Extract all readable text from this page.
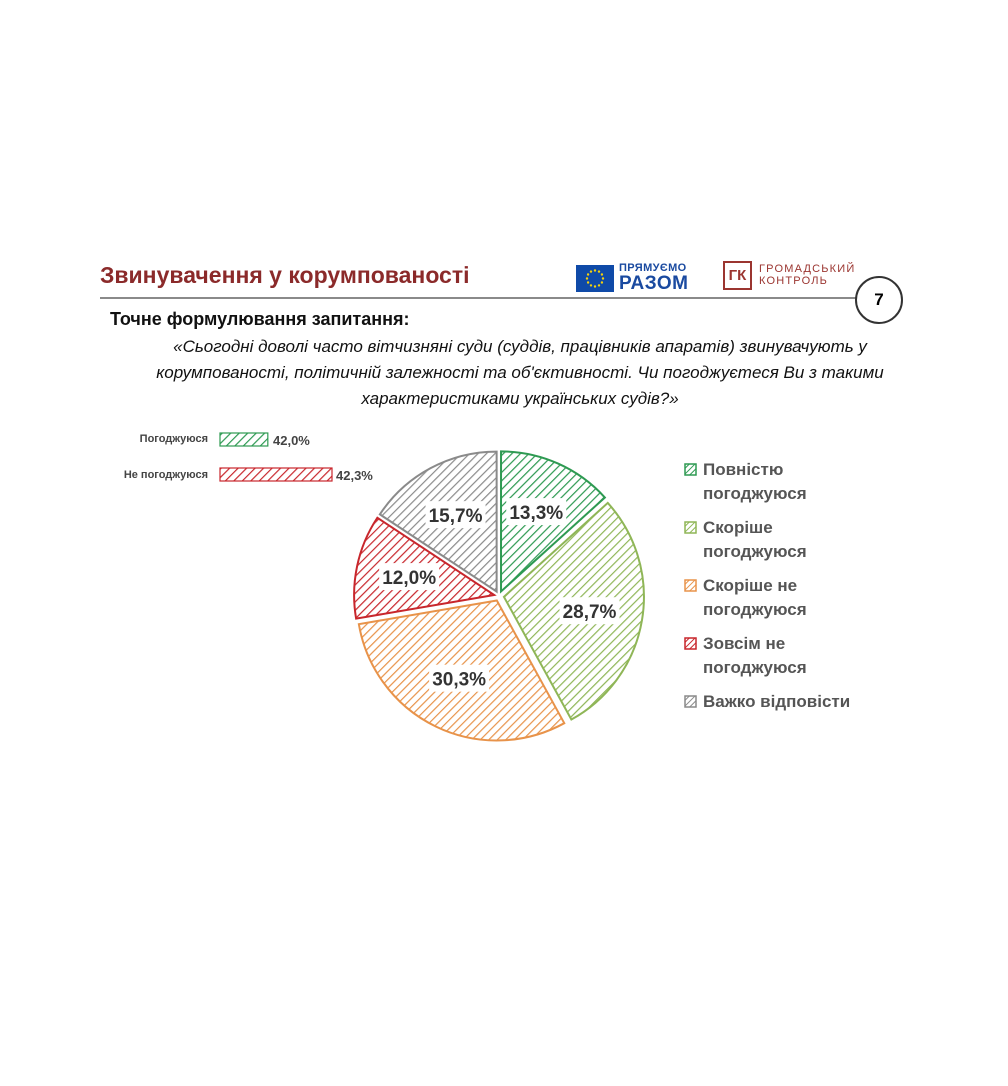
Звинувачення у корумпованості	ПРЯМУЄМО
РАЗОМ	ГК	ГРОМАДСЬКИЙ
КОНТРОЛЬ
7
Точне формулювання запитання:
«Сьогодні доволі часто вітчизняні суди (суддів, працівників апаратів) звинувачують у корумпованості, політичній залежності та об'єктивності. Чи погоджуєтеся Ви з такими характеристиками українських судів?»
Погоджуюся
Не погоджуюся
42,0%
42,3%
13,3%
28,7%
30,3%
12,0%
15,7%
Повністю погоджуюся
Скоріше погоджуюся
Скоріше не погоджуюся
Зовсім не погоджуюся
Важко відповісти
